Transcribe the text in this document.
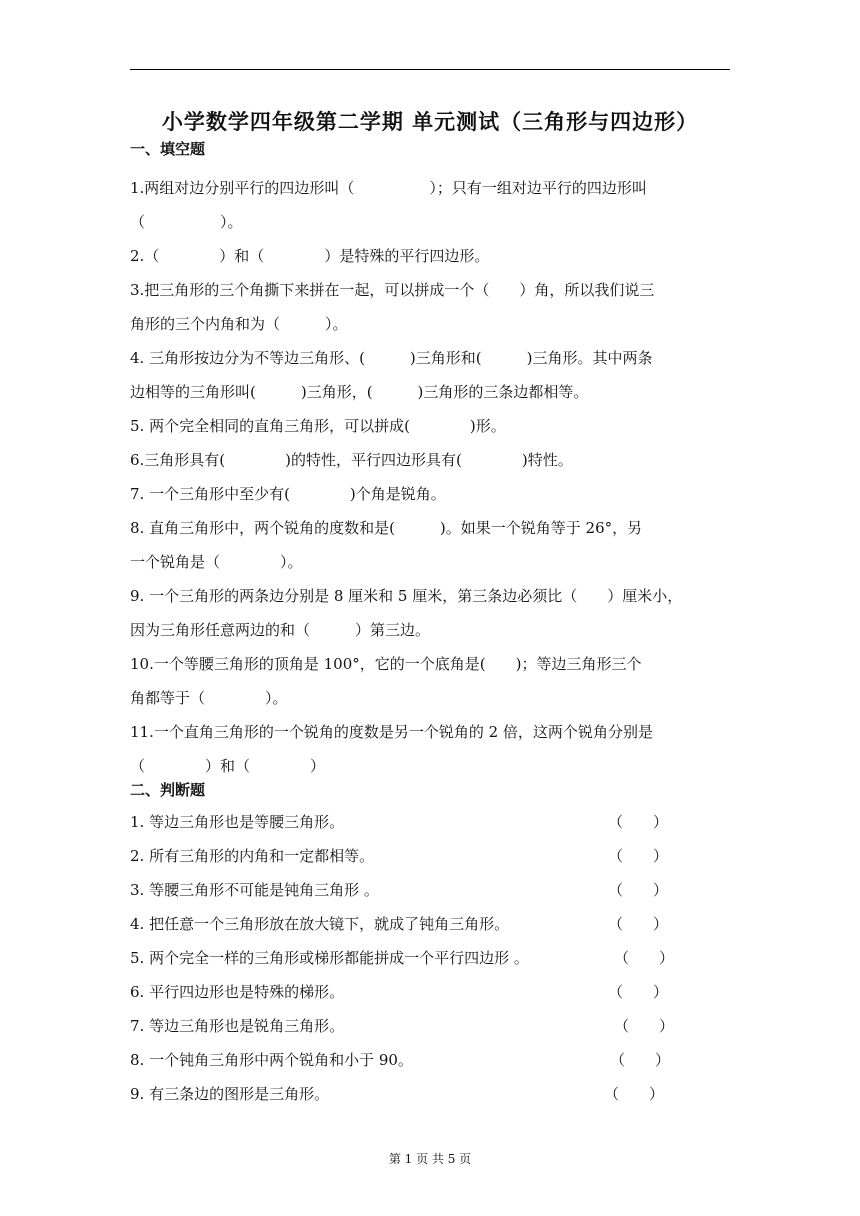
小学数学四年级第二学期 单元测试（三角形与四边形）
一、填空题
1.两组对边分别平行的四边形叫（　　　　　）；只有一组对边平行的四边形叫
（　　　　　）。
2.（　　　　）和（　　　　）是特殊的平行四边形。
3.把三角形的三个角撕下来拼在一起，可以拼成一个（　　）角，所以我们说三
角形的三个内角和为（　　　）。
4. 三角形按边分为不等边三角形、(　　　)三角形和(　　　)三角形。其中两条
边相等的三角形叫(　　　)三角形，(　　　)三角形的三条边都相等。
5. 两个完全相同的直角三角形，可以拼成(　　　　)形。
6.三角形具有(　　　　)的特性，平行四边形具有(　　　　)特性。
7. 一个三角形中至少有(　　　　)个角是锐角。
8. 直角三角形中，两个锐角的度数和是(　　　)。如果一个锐角等于 26°，另
一个锐角是（　　　　）。
9. 一个三角形的两条边分别是 8 厘米和 5 厘米，第三条边必须比（　　）厘米小，
因为三角形任意两边的和（　　　）第三边。
10.一个等腰三角形的顶角是 100°，它的一个底角是(　　)；等边三角形三个
角都等于（　　　　）。
11.一个直角三角形的一个锐角的度数是另一个锐角的 2 倍，这两个锐角分别是
（　　　　）和（　　　　）
二、判断题
1. 等边三角形也是等腰三角形。	（　　）
2. 所有三角形的内角和一定都相等。	（　　）
3. 等腰三角形不可能是钝角三角形 。	（　　）
4. 把任意一个三角形放在放大镜下，就成了钝角三角形。	（　　）
5. 两个完全一样的三角形或梯形都能拼成一个平行四边形 。	（　　）
6. 平行四边形也是特殊的梯形。	（　　）
7. 等边三角形也是锐角三角形。	（　　）
8. 一个钝角三角形中两个锐角和小于 90。	（　　）
9. 有三条边的图形是三角形。	（　　）
第 1 页 共 5 页
